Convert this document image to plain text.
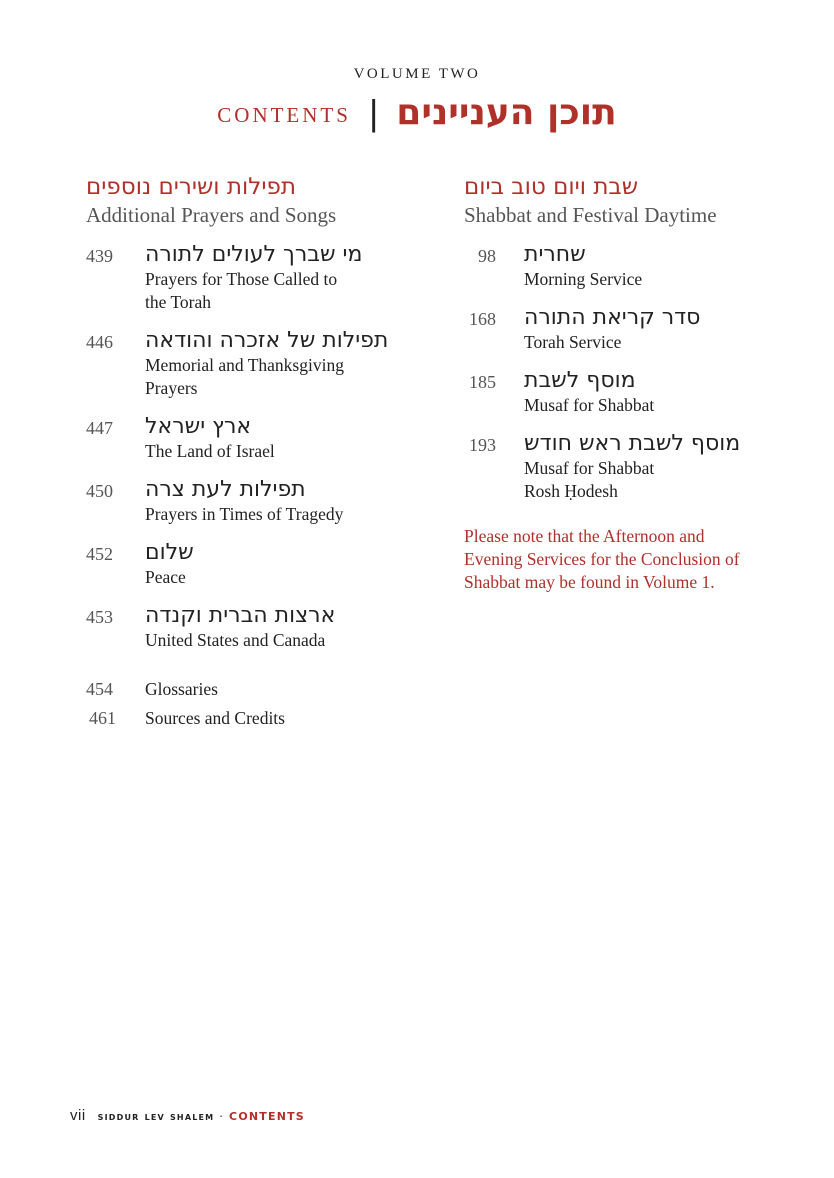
VOLUME TWO
contents | תוכן העניינים
תפילות ושירים נוספים
Additional Prayers and Songs
439	מי שברך לעולים לתורה
Prayers for Those Called to the Torah
446	תפילות של אזכרה והודאה
Memorial and Thanksgiving Prayers
447	ארץ ישראל
The Land of Israel
450	תפילות לעת צרה
Prayers in Times of Tragedy
452	שלום
Peace
453	ארצות הברית וקנדה
United States and Canada
454	Glossaries
461	Sources and Credits
שבת ויום טוב ביום
Shabbat and Festival Daytime
98	שחרית
Morning Service
168	סדר קריאת התורה
Torah Service
185	מוסף לשבת
Musaf for Shabbat
193	מוסף לשבת ראש חודש
Musaf for Shabbat Rosh Ḥodesh
Please note that the Afternoon and Evening Services for the Conclusion of Shabbat may be found in Volume 1.
vii siddur lev shalem · CONTENTS
